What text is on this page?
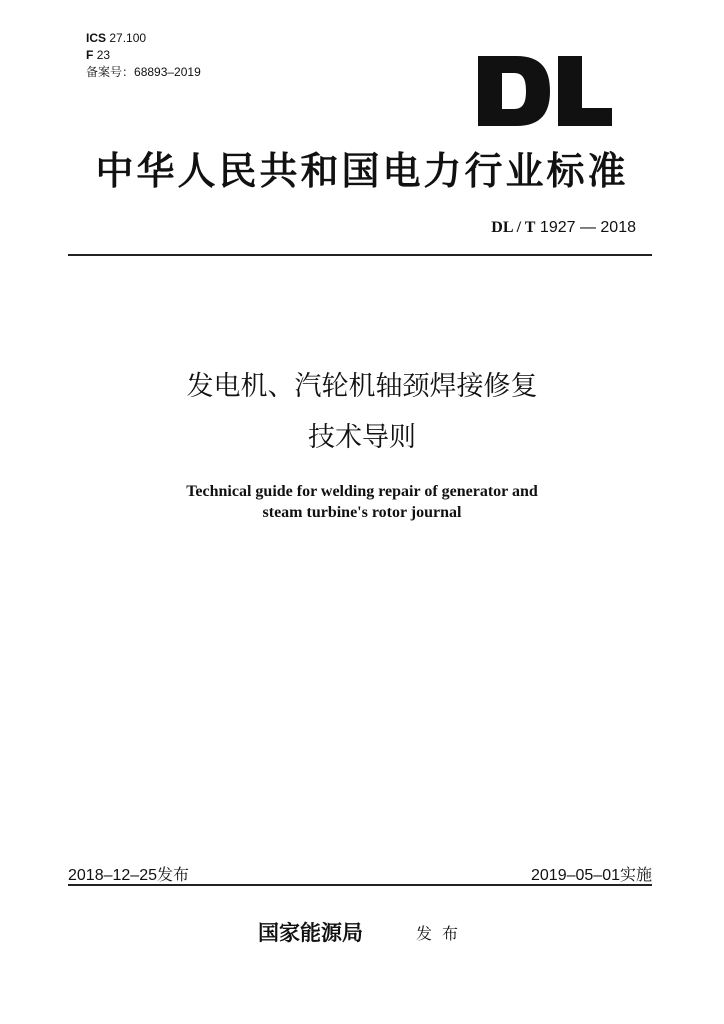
ICS 27.100
F 23
备案号：68893–2019
中华人民共和国电力行业标准
DL / T 1927 — 2018
发电机、汽轮机轴颈焊接修复
技术导则
Technical guide for welding repair of generator and
steam turbine's rotor journal
2018–12–25发布	2019–05–01实施
国家能源局	发布
